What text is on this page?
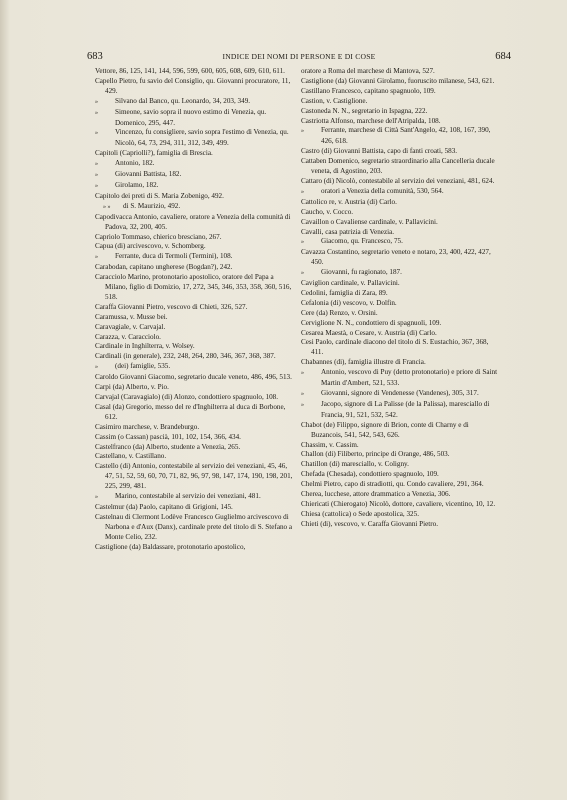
683	INDICE DEI NOMI DI PERSONE E DI COSE	684

Vettore, 86, 125, 141, 144, 596, 599, 600, 605, 608, 609, 610, 611.

Capello Pietro, fu savio del Consiglio, qu. Giovanni procuratore, 11, 429.

» Silvano dal Banco, qu. Leonardo, 34, 203, 349.

» Simeone, savio sopra il nuovo estimo di Venezia, qu. Domenico, 295, 447.

» Vincenzo, fu consigliere, savio sopra l'estimo di Venezia, qu. Nicolò, 64, 73, 294, 311, 312, 349, 499.

Capitoli (Capriolli?), famiglia di Brescia.

» Antonio, 182.

» Giovanni Battista, 182.

» Girolamo, 182.

Capitolo dei preti di S. Maria Zobenigo, 492.

» » di S. Maurizio, 492.

Capodivacca Antonio, cavaliere, oratore a Venezia della comunità di Padova, 32, 200, 405.

Capriolo Tommaso, chierico bresciano, 267.

Capua (di) arcivescovo, v. Schomberg.

» Ferrante, duca di Termoli (Termini), 108.

Carabodan, capitano ungherese (Bogdan?), 242.

Caracciolo Marino, protonotario apostolico, oratore del Papa a Milano, figlio di Domizio, 17, 272, 345, 346, 353, 358, 360, 516, 518.

Caraffa Giovanni Pietro, vescovo di Chieti, 326, 527.

Caramussa, v. Musse bei.

Caravagiale, v. Carvajal.

Carazza, v. Caracciolo.

Cardinale in Inghilterra, v. Wolsey.

Cardinali (in generale), 232, 248, 264, 280, 346, 367, 368, 387.

» (dei) famiglie, 535.

Caroldo Giovanni Giacomo, segretario ducale veneto, 486, 496, 513.

Carpi (da) Alberto, v. Pio.

Carvajal (Caravagialo) (di) Alonzo, condottiero spagnuolo, 108.

Casal (da) Gregorio, messo del re d'Inghilterra al duca di Borbone, 612.

Casimiro marchese, v. Brandeburgo.

Cassim (o Cassan) pascià, 101, 102, 154, 366, 434.

Castelfranco (da) Alberto, studente a Venezia, 265.

Castellano, v. Castillano.

Castello (di) Antonio, contestabile al servizio dei veneziani, 45, 46, 47, 51, 52, 59, 60, 70, 71, 82, 96, 97, 98, 147, 174, 190, 198, 201, 225, 299, 481.

» Marino, contestabile al servizio dei veneziani, 481.

Castelmur (da) Paolo, capitano di Grigioni, 145.

Castelnau di Clermont Lodève Francesco Guglielmo arcivescovo di Narbona e d'Aux (Danx), cardinale prete del titolo di S. Stefano a Monte Celio, 232.

Castiglione (da) Baldassare, protonotario apostolico,

oratore a Roma del marchese di Mantova, 527.

Castiglione (da) Giovanni Girolamo, fuoruscito milanese, 543, 621.

Castillano Francesco, capitano spagnuolo, 109.

Castion, v. Castiglione.

Castoneda N. N., segretario in Ispagna, 222.

Castriotta Alfonso, marchese dell'Atripalda, 108.

» Ferrante, marchese di Città Sant'Angelo, 42, 108, 167, 390, 426, 618.

Castro (di) Giovanni Battista, capo di fanti croati, 583.

Cattaben Domenico, segretario straordinario alla Cancelleria ducale veneta, di Agostino, 203.

Cattaro (di) Nicolò, contestabile al servizio dei veneziani, 481, 624.

» oratori a Venezia della comunità, 530, 564.

Cattolico re, v. Austria (di) Carlo.

Caucho, v. Cocco.

Cavaillon o Cavaliense cardinale, v. Pallavicini.

Cavalli, casa patrizia di Venezia.

» Giacomo, qu. Francesco, 75.

Cavazza Costantino, segretario veneto e notaro, 23, 400, 422, 427, 450.

» Giovanni, fu ragionato, 187.

Caviglion cardinale, v. Pallavicini.

Cedolini, famiglia di Zara, 89.

Cefalonia (di) vescovo, v. Dolfin.

Cere (da) Renzo, v. Orsini.

Cerviglione N. N., condottiero di spagnuoli, 109.

Cesarea Maestà, o Cesare, v. Austria (di) Carlo.

Cesi Paolo, cardinale diacono del titolo di S. Eustachio, 367, 368, 411.

Chabannes (di), famiglia illustre di Francia.

» Antonio, vescovo di Puy (detto protonotario) e priore di Saint Martin d'Ambert, 521, 533.

» Giovanni, signore di Vendenesse (Vandenes), 305, 317.

» Jacopo, signore di La Palisse (de la Palissa), maresciallo di Francia, 91, 521, 532, 542.

Chabot (de) Filippo, signore di Brion, conte di Charny e di Buzancois, 541, 542, 543, 626.

Chassim, v. Cassim.

Challon (di) Filiberto, principe di Orange, 486, 503.

Chatillon (di) maresciallo, v. Coligny.

Chefada (Chesada), condottiero spagnuolo, 109.

Chelmi Pietro, capo di stradiotti, qu. Condo cavaliere, 291, 364.

Cherea, lucchese, attore drammatico a Venezia, 306.

Chiericati (Chierogato) Nicolò, dottore, cavaliere, vicentino, 10, 12.

Chiesa (cattolica) o Sede apostolica, 325.

Chieti (di), vescovo, v. Caraffa Giovanni Pietro.
